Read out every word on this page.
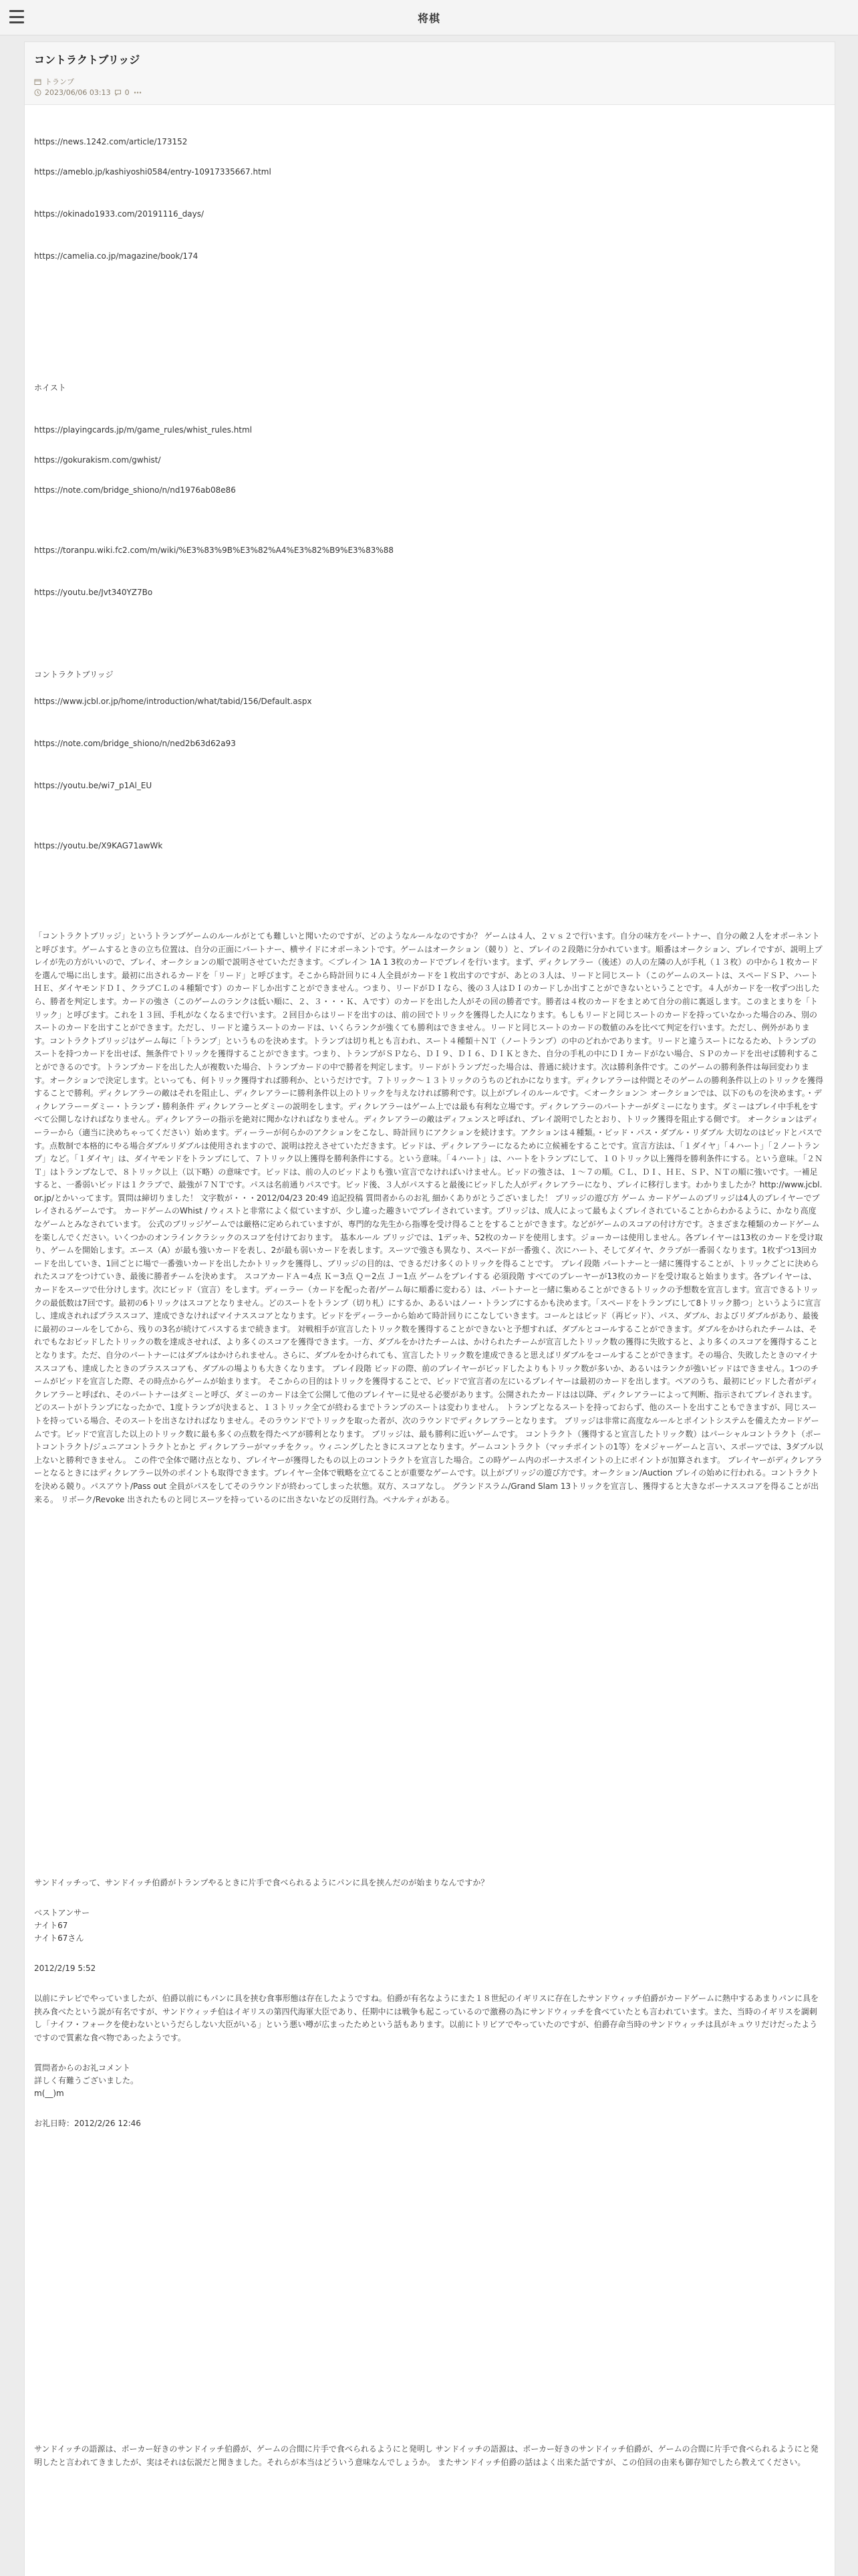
将棋
コントラクトブリッジ
トランプ
2023/06/06 03:13 0

https://news.1242.com/article/173152

https://ameblo.jp/kashiyoshi0584/entry-10917335667.html

https://okinado1933.com/20191116_days/

https://camelia.co.jp/magazine/book/174

ホイスト

https://playingcards.jp/m/game_rules/whist_rules.html

https://gokurakism.com/gwhist/

https://note.com/bridge_shiono/n/nd1976ab08e86

https://toranpu.wiki.fc2.com/m/wiki/%E3%83%9B%E3%82%A4%E3%82%B9%E3%83%88

https://youtu.be/Jvt340YZ7Bo

コントラクトブリッジ

https://www.jcbl.or.jp/home/introduction/what/tabid/156/Default.aspx

https://note.com/bridge_shiono/n/ned2b63d62a93

https://youtu.be/wi7_p1Al_EU

https://youtu.be/X9KAG71awWk

「コントラクトブリッジ」というトランプゲームのルールがとても難しいと聞いたのですが、どのようなルールなのですか？ ゲームは４人、２ｖｓ２で行います。自分の味方をパートナー、自分の敵２人をオポーネントと呼びます。ゲームするときの立ち位置は、自分の正面にパートナー、横サイドにオポーネントです。ゲームはオークション（競り）と、プレイの２段階に分かれています。順番はオークション、プレイですが、説明上プレイが先の方がいいので、プレイ、オークションの順で説明させていただきます。＜プレイ＞ 1A 1 3枚のカードでプレイを行います。まず、ディクレアラー（後述）の人の左隣の人が手札（１３枚）の中から１枚カードを選んで場に出します。最初に出されるカードを「リード」と呼びます。そこから時計回りに４人全員がカードを１枚出すのですが、あとの３人は、リードと同じスート（このゲームのスートは、スペードＳＰ、ハートＨＥ、ダイヤモンドＤＩ、クラブＣＬの４種類です）のカードしか出すことができません。つまり、リードがＤＩなら、後の３人はＤＩのカードしか出すことができないということです。４人がカードを一枚ずつ出したら、勝者を判定します。カードの強さ（このゲームのランクは低い順に、２、３・・・Ｋ、Ａです）のカードを出した人がその回の勝者です。勝者は４枚のカードをまとめて自分の前に裏返します。このまとまりを「トリック」と呼びます。これを１３回、手札がなくなるまで行います。２回目からはリードを出すのは、前の回でトリックを獲得した人になります。もしもリードと同じスートのカードを持っていなかった場合のみ、別のスートのカードを出すことができます。ただし、リードと違うスートのカードは、いくらランクが強くても勝利はできません。リードと同じスートのカードの数値のみを比べて判定を行います。ただし、例外があります。コントラクトブリッジはゲーム毎に「トランプ」というものを決めます。トランプは切り札とも言われ、スート４種類＋ＮＴ（ノートランプ）の中のどれかであります。リードと違うスートになるため、トランプのスートを持つカードを出せば、無条件でトリックを獲得することができます。つまり、トランプがＳＰなら、ＤＩ９、ＤＩ６、ＤＩＫときた、自分の手札の中にＤＩカードがない場合、ＳＰのカードを出せば勝利することができるのです。トランプカードを出した人が複数いた場合、トランプカードの中で勝者を判定します。リードがトランプだった場合は、普通に続けます。次は勝利条件です。このゲームの勝利条件は毎回変わります。オークションで決定します。といっても、何トリック獲得すれば勝利か、というだけです。７トリック～１３トリックのうちのどれかになります。ディクレアラーは仲間とそのゲームの勝利条件以上のトリックを獲得することで勝利。ディクレアラーの敵はそれを阻止し、ディクレアラーに勝利条件以上のトリックを与えなければ勝利です。以上がプレイのルールです。＜オークション＞ オークションでは、以下のものを決めます。・ディクレアラー＝ダミー・トランプ・勝利条件 ディクレアラーとダミーの説明をします。ディクレアラーはゲーム上では最も有利な立場です。ディクレアラーのパートナーがダミーになります。ダミーはプレイ中手札をすべて公開しなければなりません。ディクレアラーの指示を絶対に聞かなければなりません。ディクレアラーの敵はディフェンスと呼ばれ、プレイ説明でしたとおり、トリック獲得を阻止する側です。 オークションはディーラーから（適当に決めちゃってください）始めます。ディーラーが何らかのアクションをこなし、時計回りにアクションを続けます。アクションは４種類。・ビッド・パス・ダブル・リダブル 大切なのはビッドとパスです。点数制で本格的にやる場合ダブルリダブルは使用されますので、説明は控えさせていただきます。ビッドは、ディクレアラーになるために立候補をすることです。宣言方法は、「１ダイヤ」「４ハート」「２ノートランプ」など。「１ダイヤ」は、ダイヤモンドをトランプにして、７トリック以上獲得を勝利条件にする。という意味。「４ハート」は、ハートをトランプにして、１０トリック以上獲得を勝利条件にする。という意味。「２ＮＴ」はトランプなしで、８トリック以上（以下略）の意味です。ビッドは、前の人のビッドよりも強い宣言でなければいけません。ビッドの強さは、１～７の順。ＣＬ、ＤＩ、ＨＥ、ＳＰ、ＮＴの順に強いです。一補足すると、一番弱いビッドは１クラブで、最強が７ＮＴです。パスは名前通りパスです。ビッド後、３人がパスすると最後にビッドした人がディクレアラーになり、プレイに移行します。わかりましたか？http://www.jcbl.or.jp/とかいってます。質問は締切りました！ 文字数が・・・2012/04/23 20:49 追記投稿 質問者からのお礼 細かくありがとうございました！ ブリッジの遊び方 ゲーム カードゲームのブリッジは4人のプレイヤーでプレイされるゲームです。 カードゲームのWhist / ウィストと非常によく似ていますが、少し違った趣きいでプレイされています。ブリッジは、成人によって最もよくプレイされていることからわかるように、かなり高度なゲームとみなされています。 公式のブリッジゲームでは厳格に定められていますが、専門的な先生から指導を受け得ることをすることができます。などがゲームのスコアの付け方です。さまざまな種類のカードゲームを楽しんでください。いくつかのオンラインクラシックのスコアを付けております。 基本ルール ブリッジでは、1デッキ、52枚のカードを使用します。ジョーカーは使用しません。各プレイヤーは13枚のカードを受け取り、ゲームを開始します。エース（A）が最も強いカードを表し、2が最も弱いカードを表します。スーツで強さも異なり、スペードが一番強く、次にハート、そしてダイヤ、クラブが一番弱くなります。1枚ずつ13回カードを出していき、1回ごとに場で一番強いカードを出したかトリックを獲得し、ブリッジの目的は、できるだけ多くのトリックを得ることです。 プレイ段階 パートナーと一緒に獲得することが、トリックごとに決められたスコアをつけていき、最後に勝者チームを決めます。 スコアカードＡ＝4点 Ｋ＝3点 Ｑ＝2点 Ｊ＝1点 ゲームをプレイする 必須段階 すべてのプレーヤーが13枚のカードを受け取ると始まります。各プレイヤーは、カードをスーツで仕分けします。次にビッド（宣言）をします。ディーラー（カードを配った者/ゲーム毎に順番に変わる）は、パートナーと一緒に集めることができるトリックの予想数を宣言します。宣言できるトリックの最低数は7回です。最初の6トリックはスコアとなりません。どのスートをトランプ（切り札）にするか、あるいはノー・トランプにするかも決めます。「スペードをトランプにして8トリック勝つ」というように宣言し、達成されればプラススコア、達成できなければマイナススコアとなります。ビッドをディーラーから始めて時計回りにこなしていきます。コールとはビッド（再ビッド）、パス、ダブル、およびリダブルがあり、最後に最初のコールをしてから、残りの3名が続けてパスするまで続きます。 対戦相手が宣言したトリック数を獲得することができないと予想すれば、ダブルとコールすることができます。ダブルをかけられたチームは、それでもなおビッドしたトリックの数を達成させれば、より多くのスコアを獲得できます。一方、ダブルをかけたチームは、かけられたチームが宣言したトリック数の獲得に失敗すると、より多くのスコアを獲得することとなります。ただ、自分のパートナーにはダブルはかけられません。さらに、ダブルをかけられても、宣言したトリック数を達成できると思えばリダブルをコールすることができます。その場合、失敗したときのマイナススコアも、達成したときのプラススコアも、ダブルの場よりも大きくなります。 プレイ段階 ビッドの際、前のプレイヤーがビッドしたよりもトリック数が多いか、あるいはランクが強いビッドはできません。1つのチームがビッドを宣言した際、その時点からゲームが始まります。 そこからの目的はトリックを獲得することで、ビッドで宣言者の左にいるプレイヤーは最初のカードを出します。ペアのうち、最初にビッドした者がディクレアラーと呼ばれ、そのパートナーはダミーと呼び、ダミーのカードは全て公開して他のプレイヤーに見せる必要があります。公開されたカードはは以降、ディクレアラーによって判断、指示されてプレイされます。 どのスートがトランプになったかで、1度トランプが決まると、１３トリック全てが終わるまでトランプのスートは変わりません。 トランプとなるスートを持っておらず、他のスートを出すこともできますが、同じスートを持っている場合、そのスートを出さなければなりません。そのラウンドでトリックを取った者が、次のラウンドでディクレアラーとなります。 ブリッジは非常に高度なルールとポイントシステムを備えたカードゲームです。ビッドで宣言した以上のトリック数に最も多くの点数を得たペアが勝利となります。 ブリッジは、最も勝利に近いゲームです。 コントラクト（獲得すると宣言したトリック数）はパーシャルコントラクト（ポートコントラクト/ジュニアコントラクトとかと ディクレアラーがマッチをクッ。ウィニングしたときにスコアとなります。ゲームコントラクト（マッチポイントの1等）をメジャーゲームと言い、スポーツでは、3ダブル以上ないと勝利できません。 この件で全体で賭け点となり、プレイヤーが獲得したもの以上のコントラクトを宣言した場合。この時ゲーム内のボーナスポイントの上にポイントが加算されます。 プレイヤーがディクレアラーとなるときにはディクレアラー以外のポイントも取得できます。プレイヤー全体で戦略を立てることが重要なゲームです。以上がブリッジの遊び方です。オークション/Auction プレイの始めに行われる。コントラクトを決める競り。パスアウト/Pass out 全員がパスをしてそのラウンドが終わってしまった状態。双方、スコアなし。 グランドスラム/Grand Slam 13トリックを宣言し、獲得すると大きなボーナススコアを得ることが出来る。 リボーク/Revoke 出されたものと同じスーツを持っているのに出さないなどの反則行為。ペナルティがある。

サンドイッチって、サンドイッチ伯爵がトランプやるときに片手で食べられるようにパンに具を挟んだのが始まりなんですか？

ベストアンサー

ナイト67

ナイト67さん

2012/2/19 5:52

以前にテレビでやっていましたが、伯爵以前にもパンに具を挟む食事形態は存在したようですね。伯爵が有名なようにまた１８世紀のイギリスに存在したサンドウィッチ伯爵がカードゲームに熱中するあまりパンに具を挟み食べたという説が有名ですが、サンドウィッチ伯はイギリスの第四代海軍大臣であり、任期中には戦争も起こっているので激務の為にサンドウィッチを食べていたとも言われています。また、当時のイギリスを調刺し「ナイフ・フォークを使わないというだらしない大臣がいる」という悪い噂が広まったためという話もあります。以前にトリビアでやっていたのですが、伯爵存命当時のサンドウィッチは具がキュウリだけだったようですので質素な食べ物であったようです。

質問者からのお礼コメント

詳しく有難うございました。

m(__)m

お礼日時：2012/2/26 12:46

サンドイッチの語源は、ポーカー好きのサンドイッチ伯爵が、ゲームの合間に片手で食べられるようにと発明し サンドイッチの語源は、ポーカー好きのサンドイッチ伯爵が、ゲームの合間に片手で食べられるようにと発明したと言われてきましたが、実はそれは伝説だと聞きました。それらが本当はどういう意味なんでしょうか。 またサンドイッチ伯爵の話はよく出来た話ですが、この伯回の由来も御存知でしたら教えてください。
